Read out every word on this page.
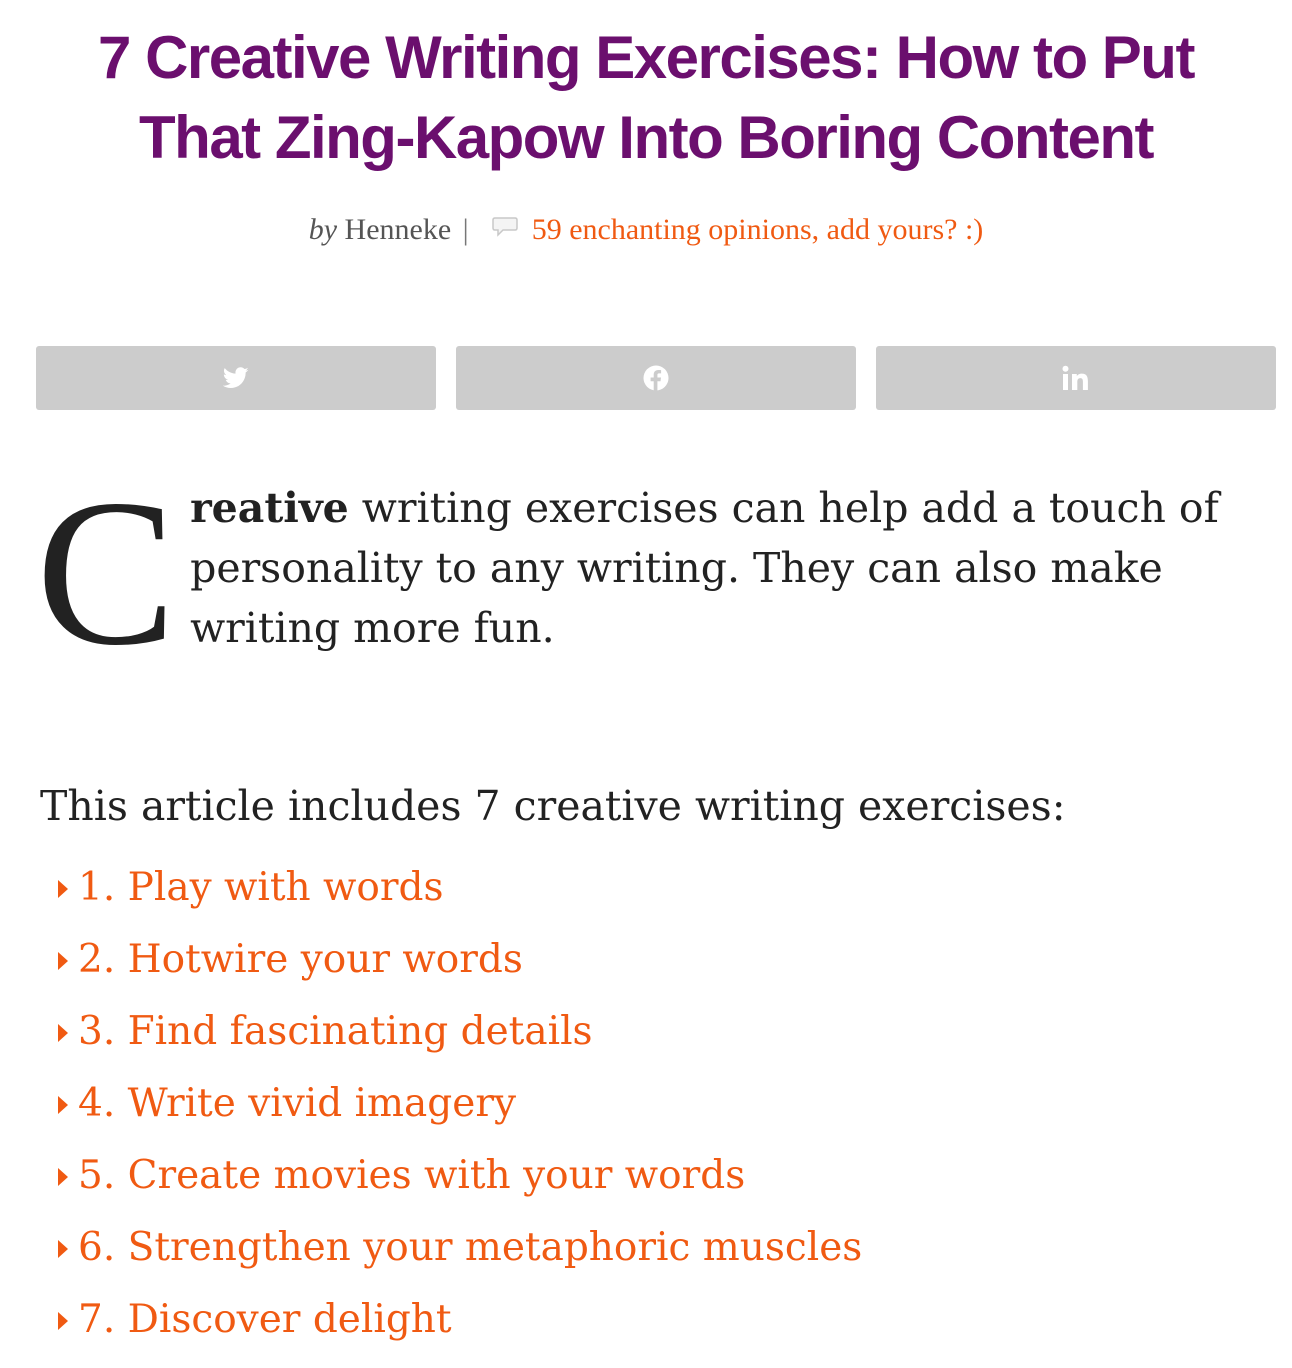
7 Creative Writing Exercises: How to Put
That Zing-Kapow Into Boring Content
by Henneke | 59 enchanting opinions, add yours? :)

Creative writing exercises can help add a touch of personality to any writing. They can also make writing more fun.

This article includes 7 creative writing exercises:

1. Play with words
2. Hotwire your words
3. Find fascinating details
4. Write vivid imagery
5. Create movies with your words
6. Strengthen your metaphoric muscles
7. Discover delight
